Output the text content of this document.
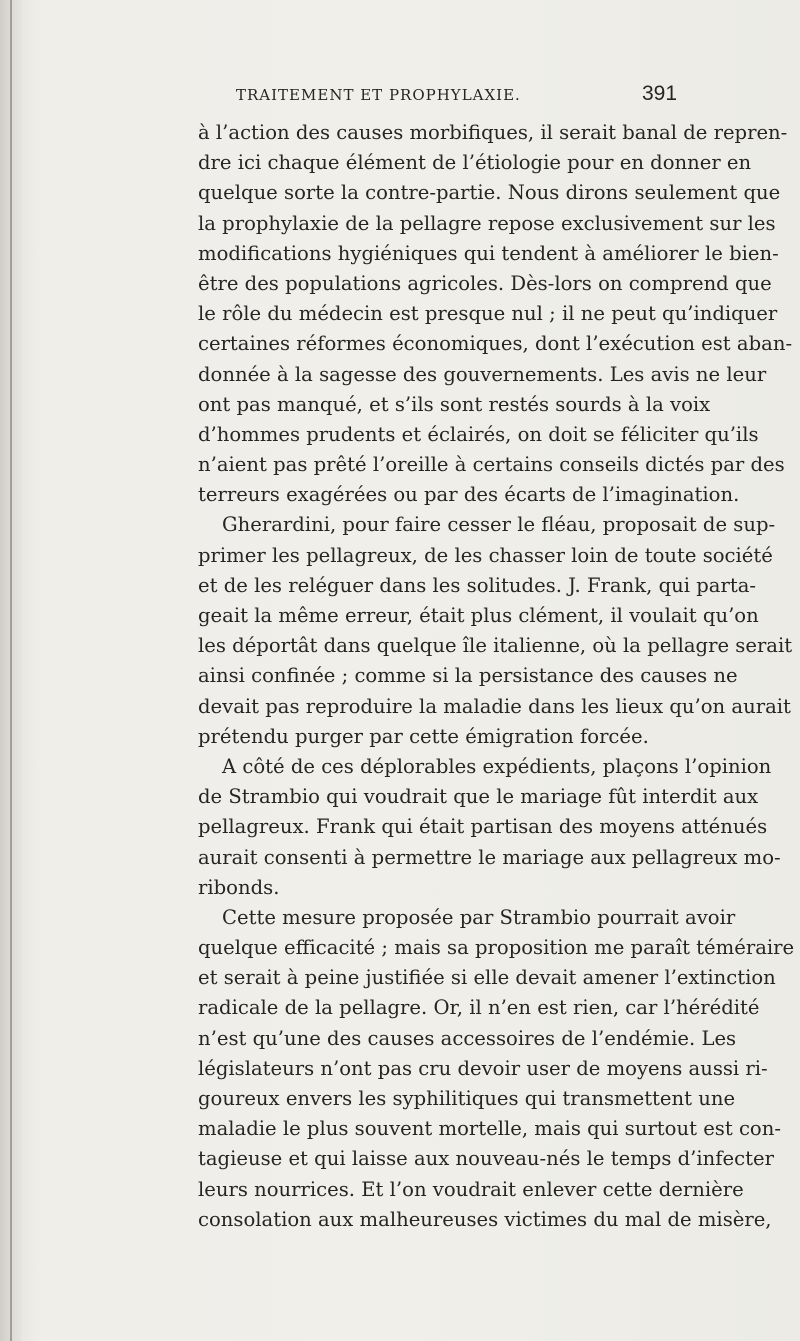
TRAITEMENT ET PROPHYLAXIE.	391
à l’action des causes morbifiques, il serait banal de repren-
dre ici chaque élément de l’étiologie pour en donner en
quelque sorte la contre-partie. Nous dirons seulement que
la prophylaxie de la pellagre repose exclusivement sur les
modifications hygiéniques qui tendent à améliorer le bien-
être des populations agricoles. Dès-lors on comprend que
le rôle du médecin est presque nul ; il ne peut qu’indiquer
certaines réformes économiques, dont l’exécution est aban-
donnée à la sagesse des gouvernements. Les avis ne leur
ont pas manqué, et s’ils sont restés sourds à la voix
d’hommes prudents et éclairés, on doit se féliciter qu’ils
n’aient pas prêté l’oreille à certains conseils dictés par des
terreurs exagérées ou par des écarts de l’imagination.
Gherardini, pour faire cesser le fléau, proposait de sup-
primer les pellagreux, de les chasser loin de toute société
et de les reléguer dans les solitudes. J. Frank, qui parta-
geait la même erreur, était plus clément, il voulait qu’on
les déportât dans quelque île italienne, où la pellagre serait
ainsi confinée ; comme si la persistance des causes ne
devait pas reproduire la maladie dans les lieux qu’on aurait
prétendu purger par cette émigration forcée.
A côté de ces déplorables expédients, plaçons l’opinion
de Strambio qui voudrait que le mariage fût interdit aux
pellagreux. Frank qui était partisan des moyens atténués
aurait consenti à permettre le mariage aux pellagreux mo-
ribonds.
Cette mesure proposée par Strambio pourrait avoir
quelque efficacité ; mais sa proposition me paraît téméraire
et serait à peine justifiée si elle devait amener l’extinction
radicale de la pellagre. Or, il n’en est rien, car l’hérédité
n’est qu’une des causes accessoires de l’endémie. Les
législateurs n’ont pas cru devoir user de moyens aussi ri-
goureux envers les syphilitiques qui transmettent une
maladie le plus souvent mortelle, mais qui surtout est con-
tagieuse et qui laisse aux nouveau-nés le temps d’infecter
leurs nourrices. Et l’on voudrait enlever cette dernière
consolation aux malheureuses victimes du mal de misère,
